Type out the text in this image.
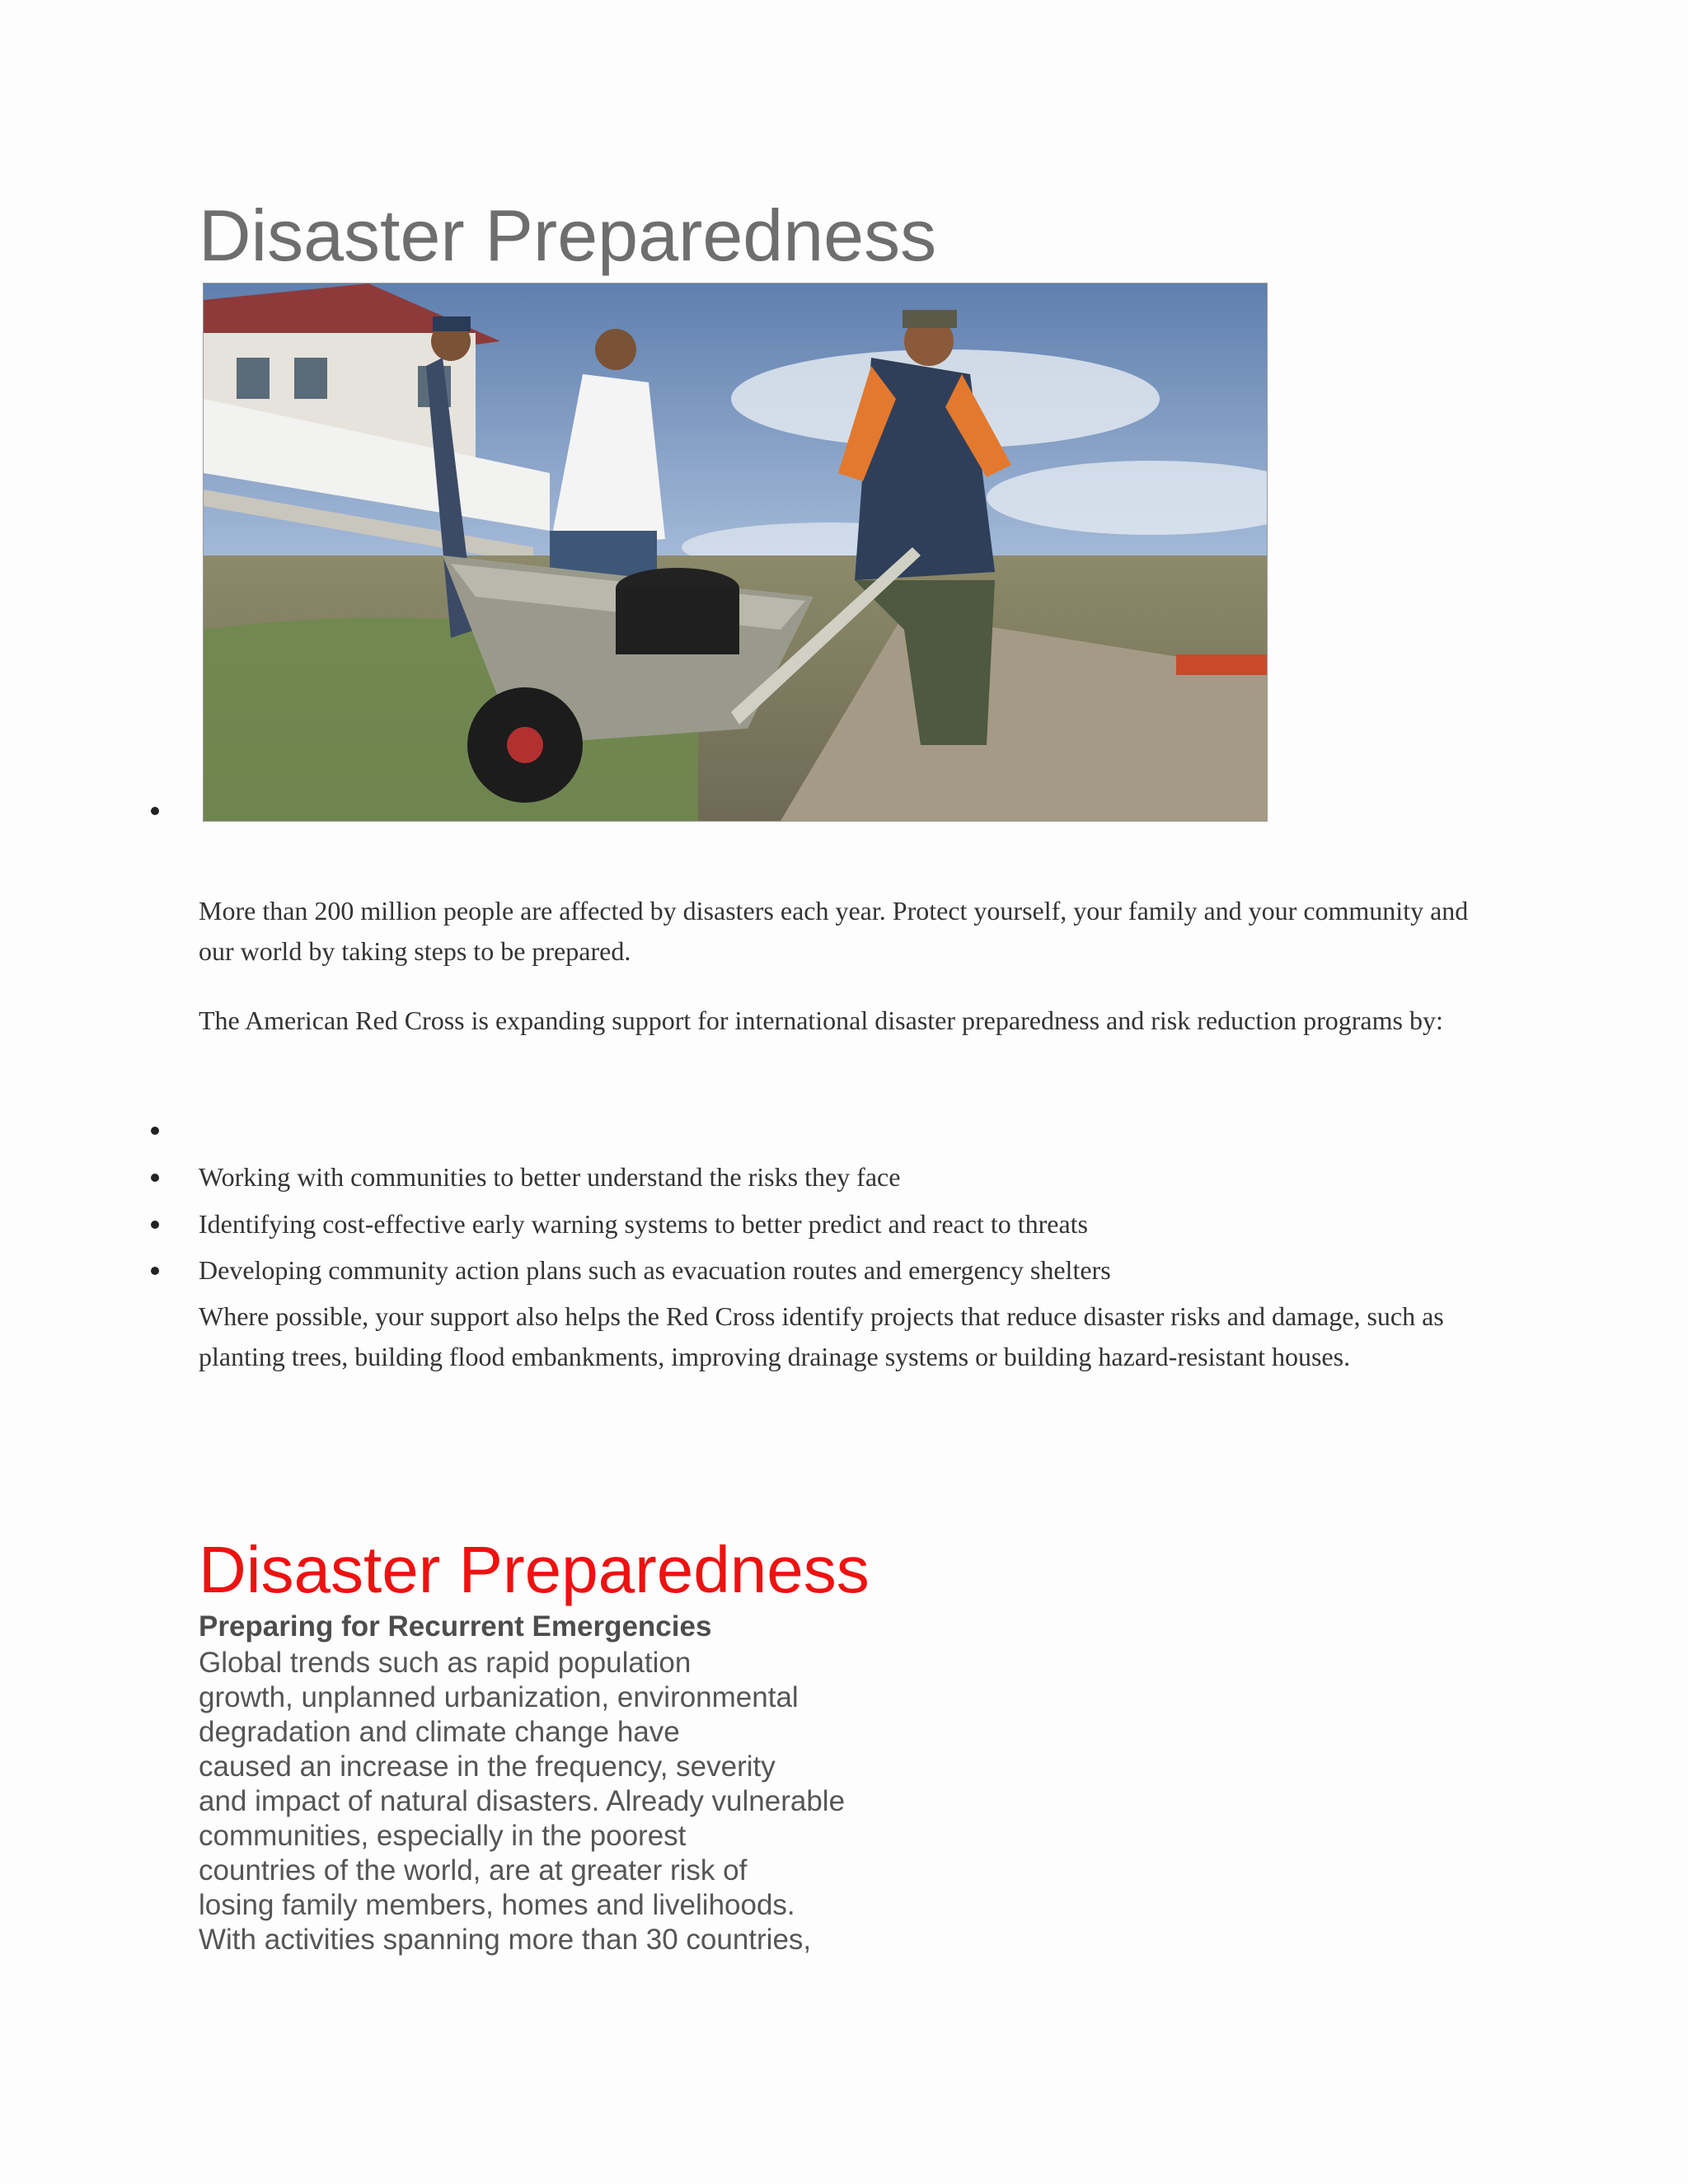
Disaster Preparedness

More than 200 million people are affected by disasters each year. Protect yourself, your family and your community and our world by taking steps to be prepared.

The American Red Cross is expanding support for international disaster preparedness and risk reduction programs by:

Working with communities to better understand the risks they face

Identifying cost-effective early warning systems to better predict and react to threats

Developing community action plans such as evacuation routes and emergency shelters

Where possible, your support also helps the Red Cross identify projects that reduce disaster risks and damage, such as planting trees, building flood embankments, improving drainage systems or building hazard-resistant houses.

Disaster Preparedness
Preparing for Recurrent Emergencies
Global trends such as rapid population
growth, unplanned urbanization, environmental
degradation and climate change have
caused an increase in the frequency, severity
and impact of natural disasters. Already vulnerable
communities, especially in the poorest
countries of the world, are at greater risk of
losing family members, homes and livelihoods.
With activities spanning more than 30 countries,
